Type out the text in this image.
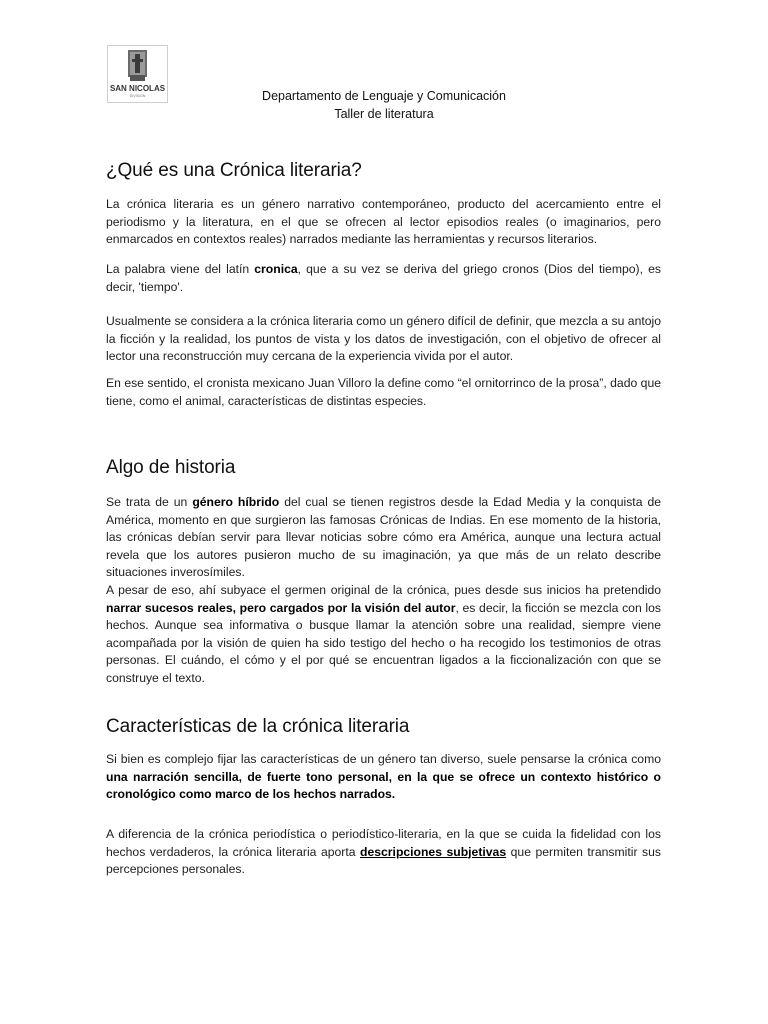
SAN NICOLAS
DIVISION	Departamento de Lenguaje y Comunicación
Taller de literatura
¿Qué es una Crónica literaria?

La crónica literaria es un género narrativo contemporáneo, producto del acercamiento entre el periodismo y la literatura, en el que se ofrecen al lector episodios reales (o imaginarios, pero enmarcados en contextos reales) narrados mediante las herramientas y recursos literarios.

La palabra viene del latín cronica, que a su vez se deriva del griego cronos (Dios del tiempo), es decir, 'tiempo'.

Usualmente se considera a la crónica literaria como un género difícil de definir, que mezcla a su antojo la ficción y la realidad, los puntos de vista y los datos de investigación, con el objetivo de ofrecer al lector una reconstrucción muy cercana de la experiencia vivida por el autor.

En ese sentido, el cronista mexicano Juan Villoro la define como “el ornitorrinco de la prosa”, dado que tiene, como el animal, características de distintas especies.

Algo de historia

Se trata de un género híbrido del cual se tienen registros desde la Edad Media y la conquista de América, momento en que surgieron las famosas Crónicas de Indias. En ese momento de la historia, las crónicas debían servir para llevar noticias sobre cómo era América, aunque una lectura actual revela que los autores pusieron mucho de su imaginación, ya que más de un relato describe situaciones inverosímiles.

A pesar de eso, ahí subyace el germen original de la crónica, pues desde sus inicios ha pretendido narrar sucesos reales, pero cargados por la visión del autor, es decir, la ficción se mezcla con los hechos. Aunque sea informativa o busque llamar la atención sobre una realidad, siempre viene acompañada por la visión de quien ha sido testigo del hecho o ha recogido los testimonios de otras personas. El cuándo, el cómo y el por qué se encuentran ligados a la ficcionalización con que se construye el texto.

Características de la crónica literaria

Si bien es complejo fijar las características de un género tan diverso, suele pensarse la crónica como una narración sencilla, de fuerte tono personal, en la que se ofrece un contexto histórico o cronológico como marco de los hechos narrados.

A diferencia de la crónica periodística o periodístico-literaria, en la que se cuida la fidelidad con los hechos verdaderos, la crónica literaria aporta descripciones subjetivas que permiten transmitir sus percepciones personales.
